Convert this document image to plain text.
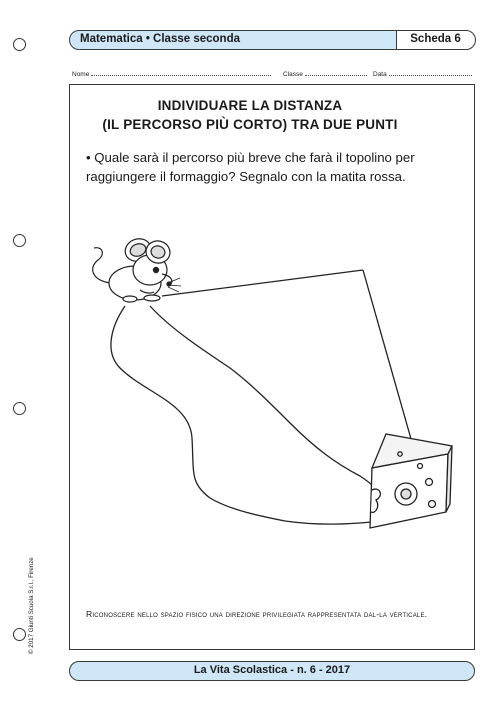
Matematica • Classe seconda	Scheda 6
Nome	Classe	Data
INDIVIDUARE LA DISTANZA
(IL PERCORSO PIÙ CORTO) TRA DUE PUNTI
• Quale sarà il percorso più breve che farà il topolino per raggiungere il formaggio? Segnalo con la matita rossa.
Riconoscere nello spazio fisico una direzione privilegiata rappresentata dal-la verticale.
© 2017 Giunti Scuola S.r.l., Firenze
La Vita Scolastica - n. 6 - 2017
